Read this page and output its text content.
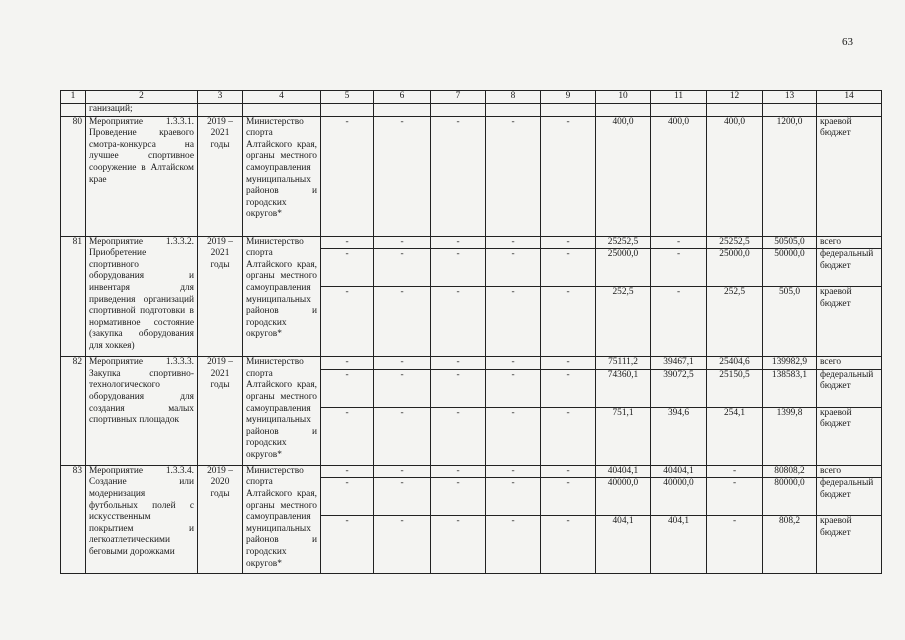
63
1	2	3	4	5	6	7	8	9	10	11	12	13	14
	ганизаций;												
80	Мероприятие 1.3.3.1. Проведение краевого смотра-конкурса на лучшее спортивное сооружение в Алтайском крае	2019 – 2021 годы	Министерство спорта Алтайского края, органы местного самоуправления муниципальных районов и городских округов*	-	-	-	-	-	400,0	400,0	400,0	1200,0	краевой бюджет
81	Мероприятие 1.3.3.2. Приобретение спортивного оборудования и инвентаря для приведения организаций спортивной подготовки в нормативное состояние (закупка оборудования для хоккея)	2019 – 2021 годы	Министерство спорта Алтайского края, органы местного самоуправления муниципальных районов и городских округов*	-	-	-	-	-	25252,5	-	25252,5	50505,0	всего
				-	-	-	-	-	25000,0	-	25000,0	50000,0	федеральный бюджет
				-	-	-	-	-	252,5	-	252,5	505,0	краевой бюджет
82	Мероприятие 1.3.3.3. Закупка спортивно-технологического оборудования для создания малых спортивных площадок	2019 – 2021 годы	Министерство спорта Алтайского края, органы местного самоуправления муниципальных районов и городских округов*	-	-	-	-	-	75111,2	39467,1	25404,6	139982,9	всего
				-	-	-	-	-	74360,1	39072,5	25150,5	138583,1	федеральный бюджет
				-	-	-	-	-	751,1	394,6	254,1	1399,8	краевой бюджет
83	Мероприятие 1.3.3.4. Создание или модернизация футбольных полей с искусственным покрытием и легкоатлетическими беговыми дорожками	2019 – 2020 годы	Министерство спорта Алтайского края, органы местного самоуправления муниципальных районов и городских округов*	-	-	-	-	-	40404,1	40404,1	-	80808,2	всего
				-	-	-	-	-	40000,0	40000,0	-	80000,0	федеральный бюджет
				-	-	-	-	-	404,1	404,1	-	808,2	краевой бюджет
